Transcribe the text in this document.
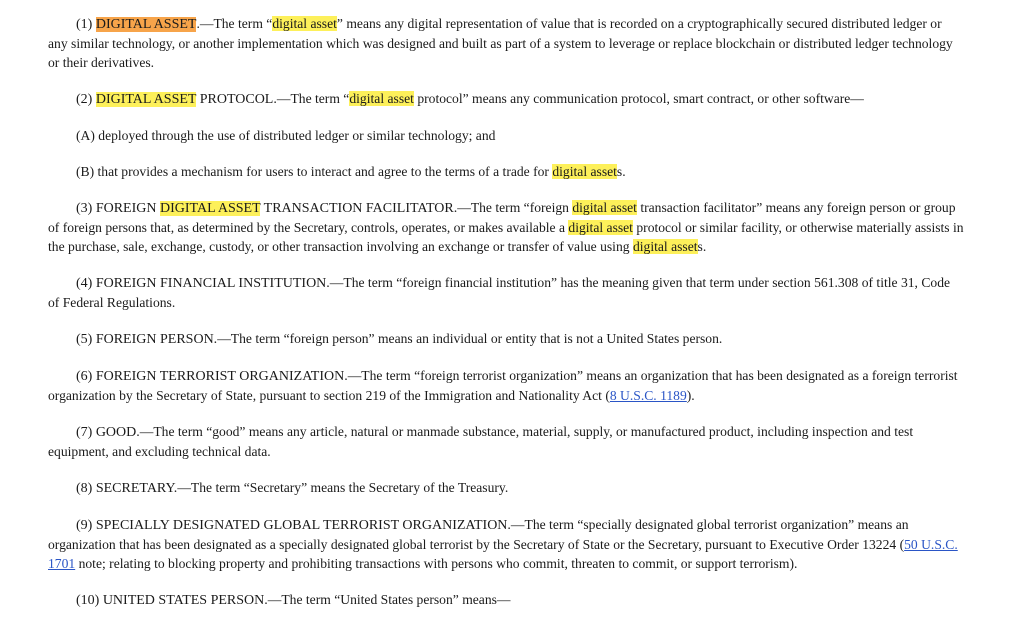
(1) DIGITAL ASSET.—The term “digital asset” means any digital representation of value that is recorded on a cryptographically secured distributed ledger or any similar technology, or another implementation which was designed and built as part of a system to leverage or replace blockchain or distributed ledger technology or their derivatives.

(2) DIGITAL ASSET PROTOCOL.—The term “digital asset protocol” means any communication protocol, smart contract, or other software—

(A) deployed through the use of distributed ledger or similar technology; and

(B) that provides a mechanism for users to interact and agree to the terms of a trade for digital assets.

(3) FOREIGN DIGITAL ASSET TRANSACTION FACILITATOR.—The term “foreign digital asset transaction facilitator” means any foreign person or group of foreign persons that, as determined by the Secretary, controls, operates, or makes available a digital asset protocol or similar facility, or otherwise materially assists in the purchase, sale, exchange, custody, or other transaction involving an exchange or transfer of value using digital assets.

(4) FOREIGN FINANCIAL INSTITUTION.—The term “foreign financial institution” has the meaning given that term under section 561.308 of title 31, Code of Federal Regulations.

(5) FOREIGN PERSON.—The term “foreign person” means an individual or entity that is not a United States person.

(6) FOREIGN TERRORIST ORGANIZATION.—The term “foreign terrorist organization” means an organization that has been designated as a foreign terrorist organization by the Secretary of State, pursuant to section 219 of the Immigration and Nationality Act (8 U.S.C. 1189).

(7) GOOD.—The term “good” means any article, natural or manmade substance, material, supply, or manufactured product, including inspection and test equipment, and excluding technical data.

(8) SECRETARY.—The term “Secretary” means the Secretary of the Treasury.

(9) SPECIALLY DESIGNATED GLOBAL TERRORIST ORGANIZATION.—The term “specially designated global terrorist organization” means an organization that has been designated as a specially designated global terrorist by the Secretary of State or the Secretary, pursuant to Executive Order 13224 (50 U.S.C. 1701 note; relating to blocking property and prohibiting transactions with persons who commit, threaten to commit, or support terrorism).

(10) UNITED STATES PERSON.—The term “United States person” means—
